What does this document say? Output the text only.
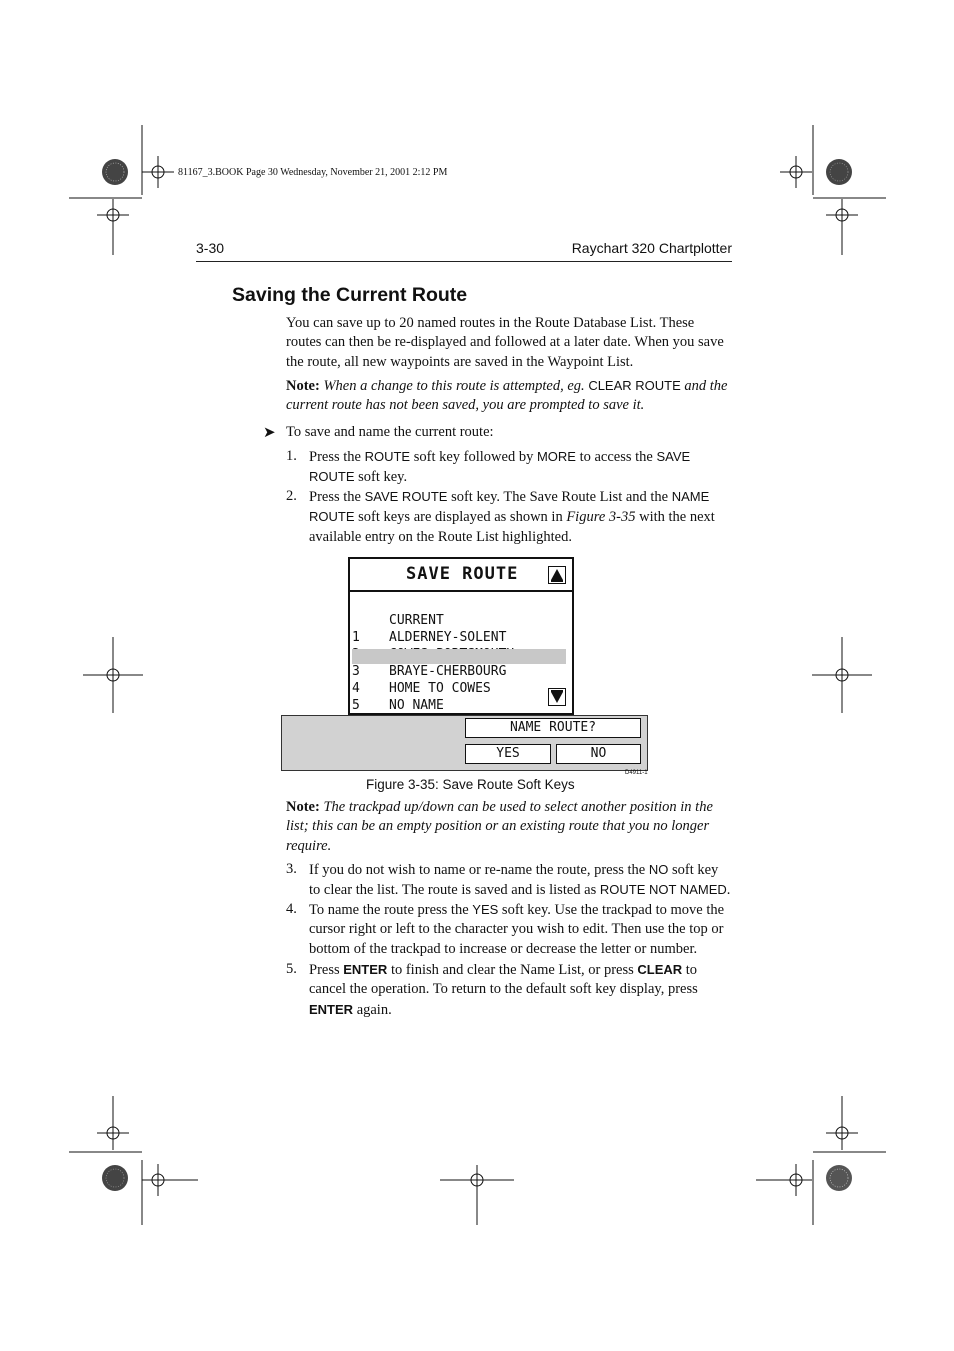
81167_3.BOOK Page 30 Wednesday, November 21, 2001 2:12 PM
3-30	Raychart 320 Chartplotter
Saving the Current Route
You can save up to 20 named routes in the Route Database List. These routes can then be re-displayed and followed at a later date. When you save the route, all new waypoints are saved in the Waypoint List.
Note: When a change to this route is attempted, eg. CLEAR ROUTE and the current route has not been saved, you are prompted to save it.
➤ To save and name the current route:
1. Press the ROUTE soft key followed by MORE to access the SAVE ROUTE soft key.
2. Press the SAVE ROUTE soft key. The Save Route List and the NAME ROUTE soft keys are displayed as shown in Figure 3-35 with the next available entry on the Route List highlighted.
SAVE ROUTE

CURRENT

1 ALDERNEY-SOLENT

3 BRAYE-CHERBOURG

4 HOME TO COWES

5 NO NAME

NAME ROUTE?
YES	NO
D4911-1
Figure 3-35: Save Route Soft Keys
Note: The trackpad up/down can be used to select another position in the list; this can be an empty position or an existing route that you no longer require.
3. If you do not wish to name or re-name the route, press the NO soft key to clear the list. The route is saved and is listed as ROUTE NOT NAMED.
4. To name the route press the YES soft key. Use the trackpad to move the cursor right or left to the character you wish to edit. Then use the top or bottom of the trackpad to increase or decrease the letter or number.
5. Press ENTER to finish and clear the Name List, or press CLEAR to cancel the operation. To return to the default soft key display, press ENTER again.
